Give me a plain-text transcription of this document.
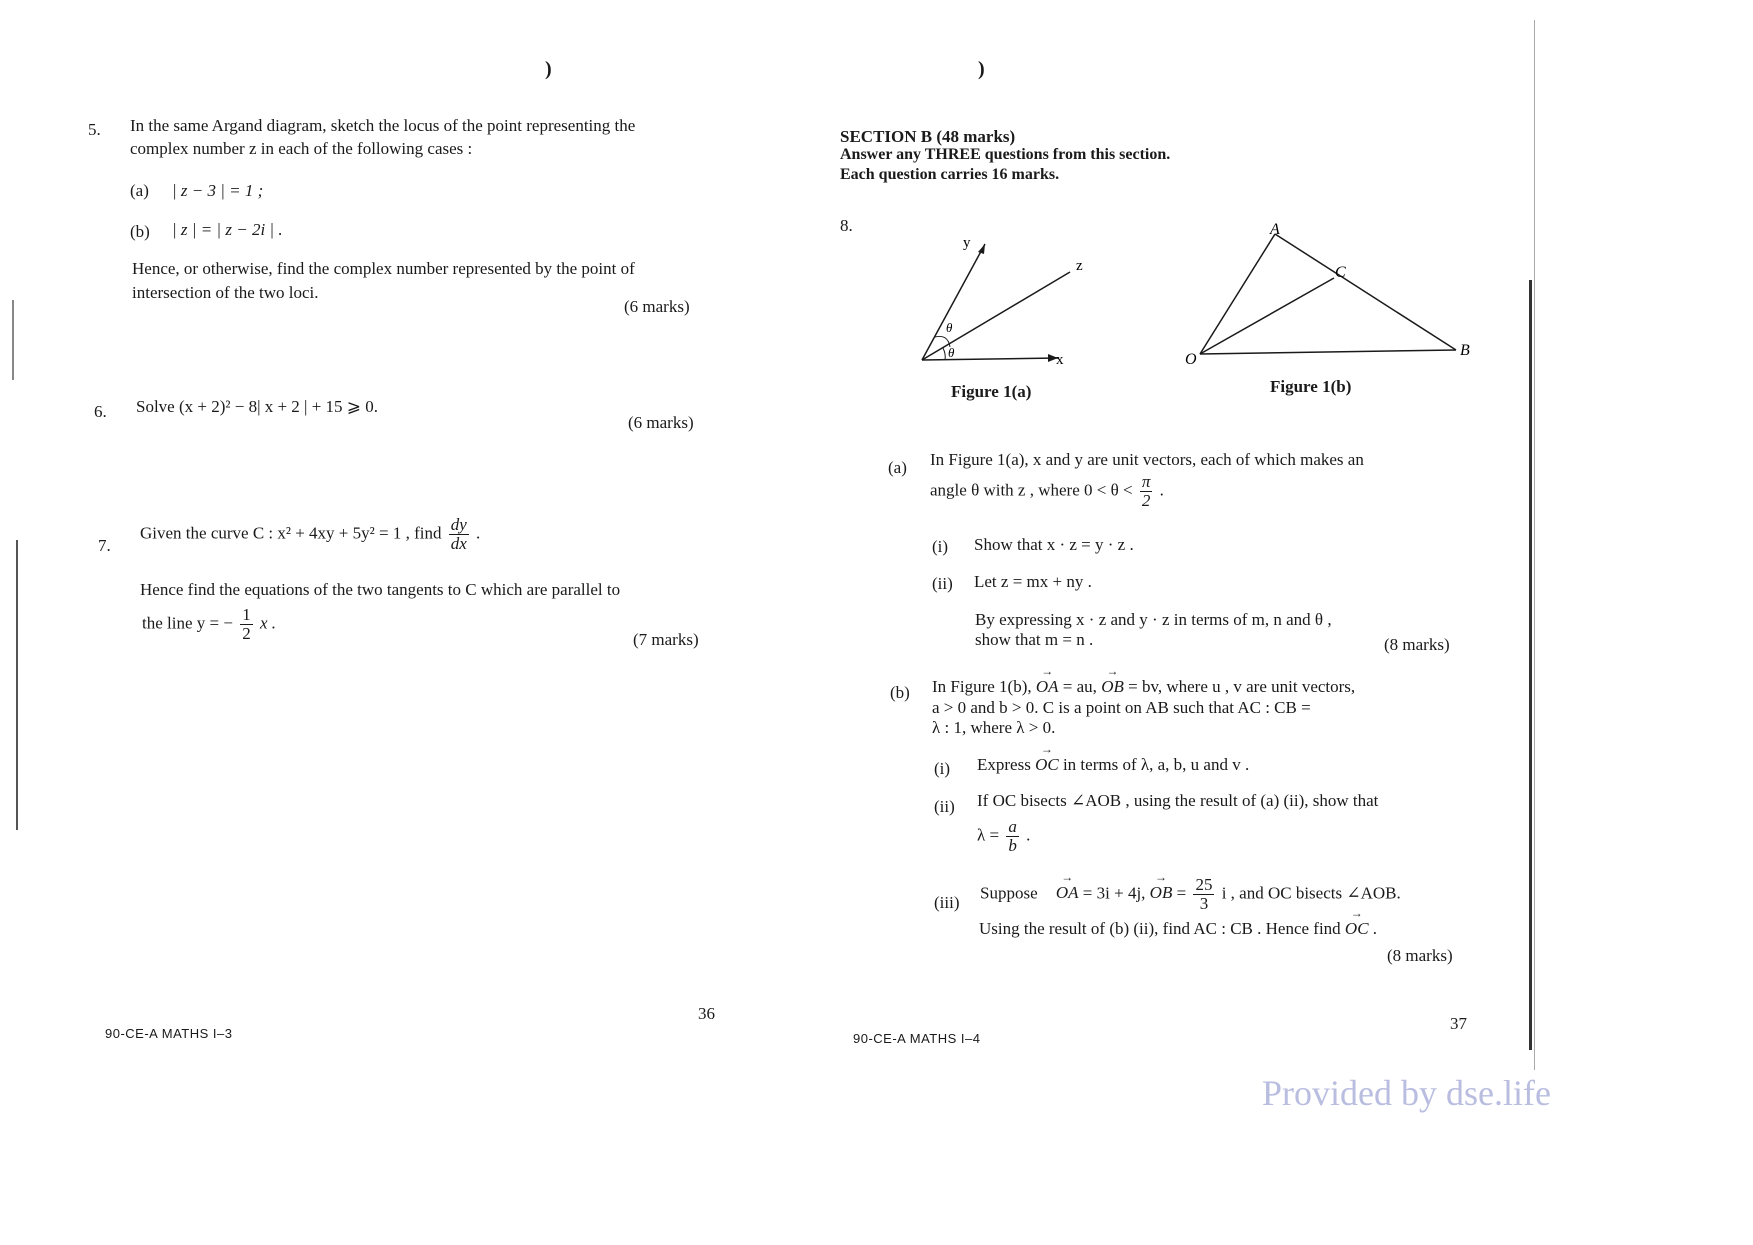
)
5. In the same Argand diagram, sketch the locus of the point representing the
complex number z in each of the following cases :
(a) | z − 3 | = 1 ;
(b) | z | = | z − 2i | .
Hence, or otherwise, find the complex number represented by the point of
intersection of the two loci.
(6 marks)
6. Solve (x + 2)² − 8| x + 2 | + 15 ⩾ 0.
(6 marks)
7.
Given the curve C : x² + 4xy + 5y² = 1 , find $\frac{dy}{dx}$ .
Hence find the equations of the two tangents to C which are parallel to
the line y = − $\frac{1}{2}$ x .
(7 marks)
36
90-CE-A MATHS I–3
)
SECTION B (48 marks)
Answer any THREE questions from this section.
Each question carries 16 marks.
8.
y
z
x
θ
θ
Figure 1(a)
A
C
O
B
Figure 1(b)
(a) In Figure 1(a), x and y are unit vectors, each of which makes an
angle θ with z , where $0 < \theta < \frac{\pi}{2}$ .
(i) Show that x · z = y · z .
(ii) Let z = mx + ny .
By expressing x · z and y · z in terms of m, n and θ ,
show that m = n .	(8 marks)
(b) In Figure 1(b), → OA = au, → OB = bv, where u , v are unit vectors,
a > 0 and b > 0. C is a point on AB such that AC : CB =
λ : 1, where λ > 0.
(i) Express → OC in terms of λ, a, b, u and v .
(ii) If OC bisects ∠AOB , using the result of (a) (ii), show that
$\lambda = \frac{a}{b}$ .
(iii)
Suppose → OA = 3i + 4j, → OB = $\frac{25}{3}$ i , and OC bisects ∠AOB.
Using the result of (b) (ii), find AC : CB . Hence find → OC .
(8 marks)
37
90-CE-A MATHS I–4
Provided by dse.life
